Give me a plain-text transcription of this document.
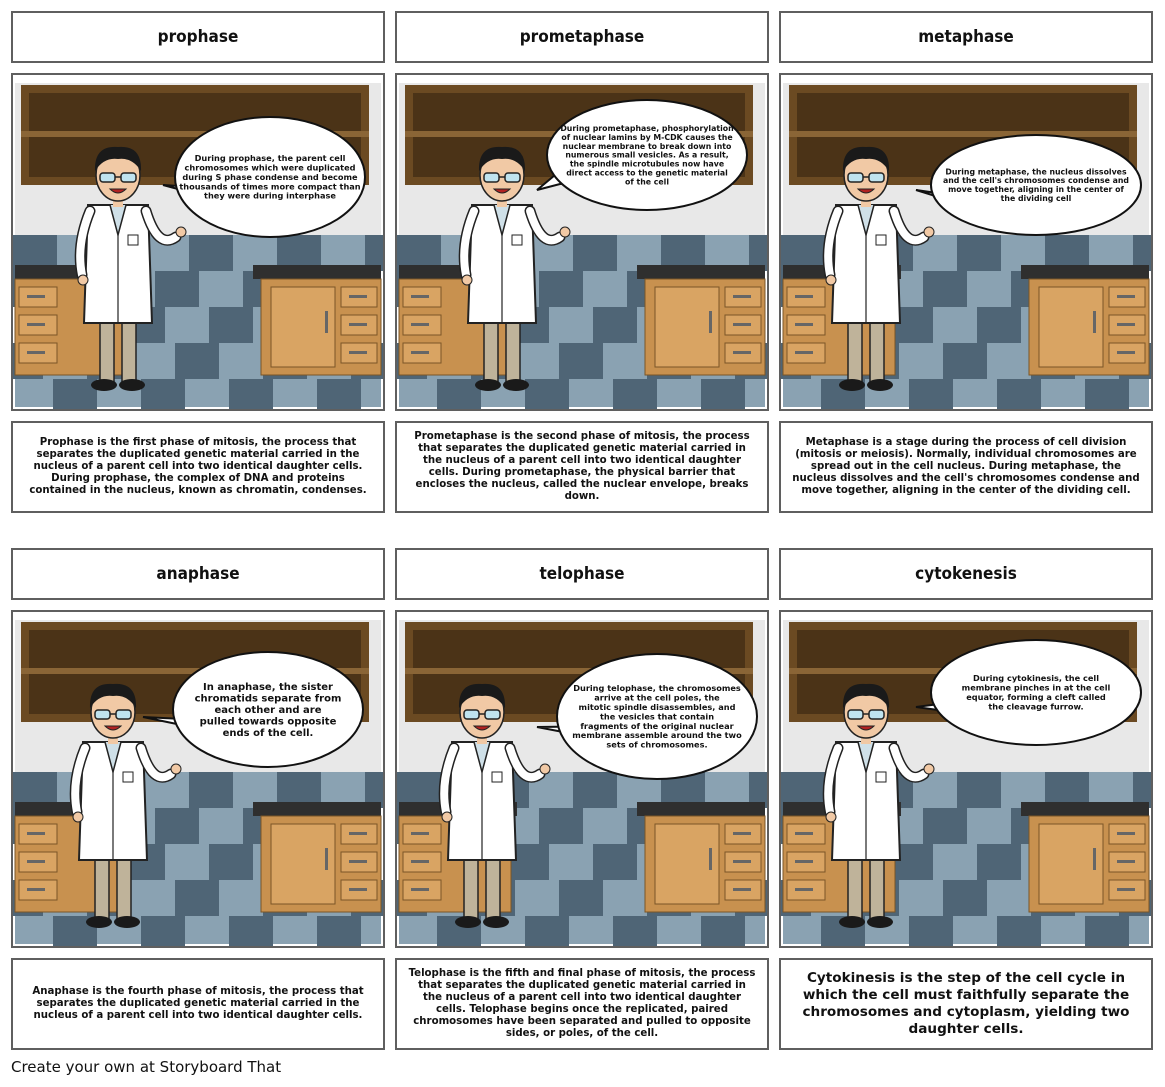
prophase	prometaphase	metaphase
During prophase, the parent cell chromosomes which were duplicated during S phase condense and become thousands of times more compact than they were during interphase
During prometaphase, phosphorylation of nuclear lamins by M-CDK causes the nuclear membrane to break down into numerous small vesicles. As a result, the spindle microtubules now have direct access to the genetic material of the cell
During metaphase, the nucleus dissolves and the cell's chromosomes condense and move together, aligning in the center of the dividing cell
Prophase is the first phase of mitosis, the process that separates the duplicated genetic material carried in the nucleus of a parent cell into two identical daughter cells. During prophase, the complex of DNA and proteins contained in the nucleus, known as chromatin, condenses.
Prometaphase is the second phase of mitosis, the process that separates the duplicated genetic material carried in the nucleus of a parent cell into two identical daughter cells. During prometaphase, the physical barrier that encloses the nucleus, called the nuclear envelope, breaks down.
Metaphase is a stage during the process of cell division (mitosis or meiosis). Normally, individual chromosomes are spread out in the cell nucleus. During metaphase, the nucleus dissolves and the cell's chromosomes condense and move together, aligning in the center of the dividing cell.
anaphase	telophase	cytokenesis
In anaphase, the sister chromatids separate from each other and are pulled towards opposite ends of the cell.
During telophase, the chromosomes arrive at the cell poles, the mitotic spindle disassembles, and the vesicles that contain fragments of the original nuclear membrane assemble around the two sets of chromosomes.
During cytokinesis, the cell membrane pinches in at the cell equator, forming a cleft called the cleavage furrow.
Anaphase is the fourth phase of mitosis, the process that separates the duplicated genetic material carried in the nucleus of a parent cell into two identical daughter cells.
Telophase is the fifth and final phase of mitosis, the process that separates the duplicated genetic material carried in the nucleus of a parent cell into two identical daughter cells. Telophase begins once the replicated, paired chromosomes have been separated and pulled to opposite sides, or poles, of the cell.
Cytokinesis is the step of the cell cycle in which the cell must faithfully separate the chromosomes and cytoplasm, yielding two daughter cells.
Create your own at Storyboard That
